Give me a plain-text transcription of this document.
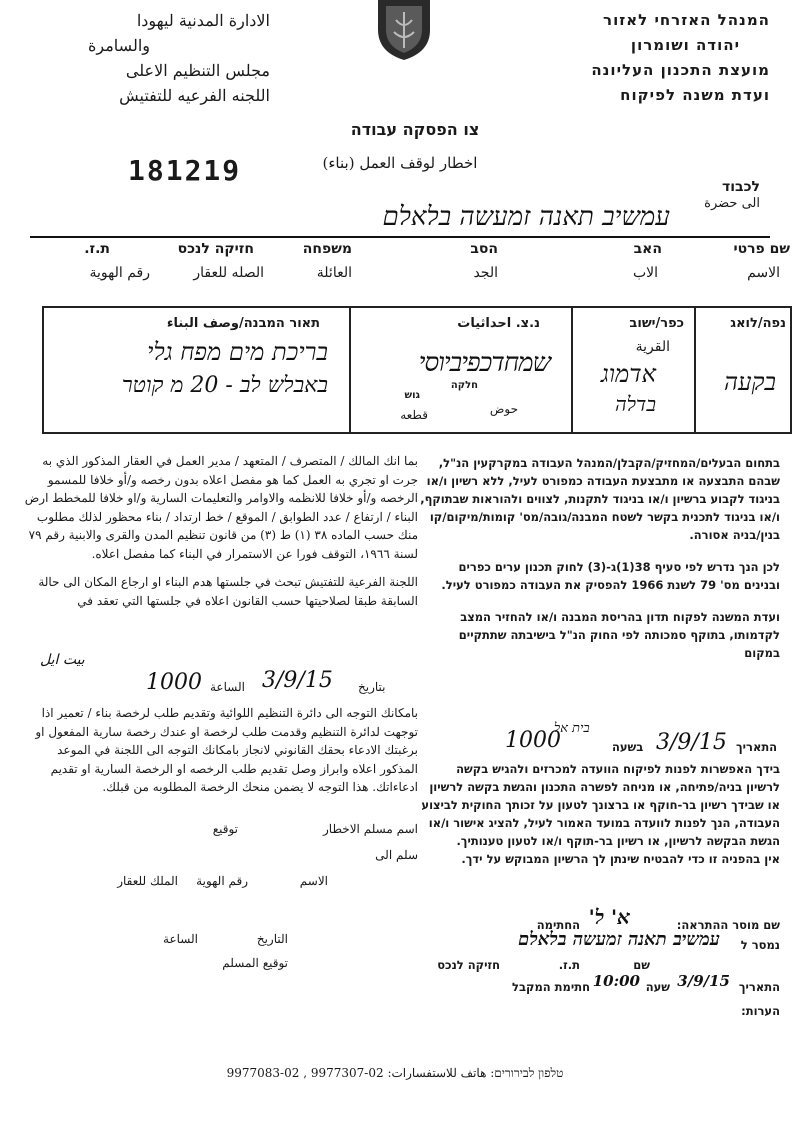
המנהל האזרחי לאזור
יהודה ושומרון
מועצת התכנון העליונה
ועדת משנה לפיקוח
الادارة المدنية ليهودا
والسامرة
مجلس التنظيم الاعلى
اللجنه الفرعيه للتفتيش
צו הפסקה עבודה
اخطار لوقف العمل (بناء)
181219	לכבוד
الى حضرة
עמשיב תאנה זמעשה בלאלם
שם פרטי
الاسم
האב
الاب
הסב
الجد
משפחה
العائلة
חזיקה לנכס
الصله للعقار
ת.ז.
رقم الهوية
נפה/לואג
בקעה
כפר/ישוב
القرية
אדמוג
בדלה
נ.צ. احداثيات
שמחדכפיביוסי
גוש
חלקה
حوض
قطعه
תאור המבנה/وصف البناء
בריכת מים מפח גלי
באבלש לב - 20 מ קוטר
בתחום הבעלים/המחזיק/הקבלן/המנהל העבודה במקרקעין הנ"ל, שבהם התבצעה או מתבצעת העבודה כמפורט לעיל, ללא רשיון ו/או בניגוד לקבוע ברשיון ו/או בניגוד לתקנות, לצווים ולהוראות שבתוקף, ו/או בניגוד לתכנית בקשר לשטח המבנה/גובה/מס' קומות/מיקום/קו בנין/בניה אסורה.
לכן הנך נדרש לפי סעיף 38(1)ג-(3) לחוק תכנון ערים כפרים ובנינים מס' 79 לשנת 1966 להפסיק את העבודה כמפורט לעיל.
ועדת המשנה לפקוח תדון בהריסת המבנה ו/או להחזיר המצב לקדמותו, בתוקף סמכותה לפי החוק הנ"ל בישיבתה שתתקיים במקום
בית אל
התאריך
3/9/15
בשעה
1000
בידך האפשרות לפנות לפיקוח הוועדה למכרזים ולהגיש בקשה לרשיון בניה/פתיחה, או מניחה לפשרה התכנון והגשת בקשה לרשיון או שבידך רשיון בר-חוקף או ברצונך לטעון על זכותך החוקית לביצוע העבודה, הנך לפנות לוועדה במועד האמור לעיל, להציג אישור ו/או הגשת הבקשה לרשיון, או רשיון בר-תוקף ו/או לטעון טענותיך.
אין בהפניה זו כדי להבטיח שינתן לך הרשיון המבוקש על ידך.
بما انك المالك / المتصرف / المتعهد / مدير العمل في العقار المذكور الذي به جرت او تجري به العمل كما هو مفصل اعلاه بدون رخصه و/أو خلافا للمسمو الرخصه و/أو خلافا للانظمه والاوامر والتعليمات السارية و/او خلافا للمخطط ارض البناء / ارتفاع / عدد الطوابق / الموقع / خط ارتداد / بناء محظور لذلك مطلوب منك حسب الماده ٣٨ (١) ط (٣) من قانون تنظيم المدن والقرى والابنية رقم ٧٩ لسنة ١٩٦٦، التوقف فورا عن الاستمرار في البناء كما مفصل اعلاه.
اللجنة الفرعية للتفتيش تبحث في جلستها هدم البناء او ارجاع المكان الى حالة السابقة طبقا لصلاحيتها حسب القانون اعلاه في جلستها التي تعقد في
بيت ايل
بتاريخ
3/9/15
الساعة
1000
بامكانك التوجه الى دائرة التنظيم اللوائية وتقديم طلب لرخصة بناء / تعمير اذا توجهت لدائرة التنظيم وقدمت طلب لرخصة او عندك رخصة سارية المفعول او برغبتك الادعاء بحقك القانوني لانجاز بامكانك التوجه الى اللجنة في الموعد المذكور اعلاه وابراز وصل تقديم طلب الرخصه او الرخصة السارية او تقديم ادعاءاتك. هذا التوجه لا يضمن منحك الرخصة المطلوبه من قبلك.
اسم مسلم الاخطار
توقيع
سلم الى
الاسم
رقم الهوية
الملك للعقار
التاريخ
الساعة
توقيع المسلم
שם מוסר ההתראה:
א' ל'
החתימה
נמסר ל
עמשיב תאנה זמעשה בלאלם
שם
ת.ז.
חזיקה לנכס
התאריך
3/9/15
שעה
10:00
חתימת המקבל
הערות:
טלפון לבירורים: هاتف للاستفسارات: 02-9977307 , 02-9977083
